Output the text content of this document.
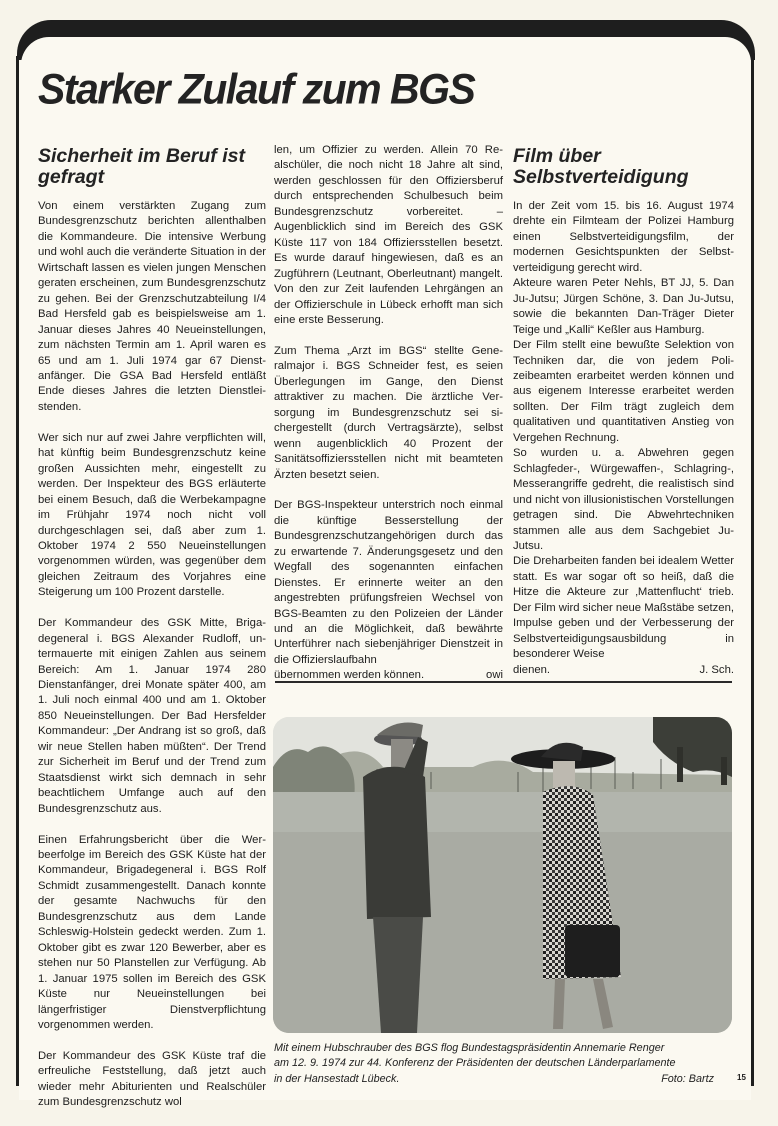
Starker Zulauf zum BGS
Sicherheit im Beruf ist gefragt

Von einem verstärkten Zugang zum Bundesgrenzschutz berichten allenthalben die Kommandeure. Die intensive Werbung und wohl auch die veränderte Situation in der Wirtschaft lassen es vielen jungen Menschen geraten erscheinen, zum Bundesgrenzschutz zu gehen. Bei der Grenzschutzabteilung I/4 Bad Hersfeld gab es beispielsweise am 1. Januar dieses Jahres 40 Neueinstellungen, zum nächsten Termin am 1. April waren es 65 und am 1. Juli 1974 gar 67 Dienstanfänger. Die GSA Bad Hersfeld entläßt Ende dieses Jahres die letzten Dienstleistenden.

Wer sich nur auf zwei Jahre verpflichten will, hat künftig beim Bundesgrenzschutz keine großen Aussichten mehr, eingestellt zu werden. Der Inspekteur des BGS erläuterte bei einem Besuch, daß die Werbekampagne im Frühjahr 1974 noch nicht voll durchgeschlagen sei, daß aber zum 1. Oktober 1974 2 550 Neueinstellungen vorgenommen würden, was gegenüber dem gleichen Zeitraum des Vorjahres eine Steigerung um 100 Prozent darstelle.

Der Kommandeur des GSK Mitte, Brigadegeneral i. BGS Alexander Rudloff, untermauerte mit einigen Zahlen aus seinem Bereich: Am 1. Januar 1974 280 Dienstanfänger, drei Monate später 400, am 1. Juli noch einmal 400 und am 1. Oktober 850 Neueinstellungen. Der Bad Hersfelder Kommandeur: „Der Andrang ist so groß, daß wir neue Stellen haben müßten“. Der Trend zur Sicherheit im Beruf und der Trend zum Staatsdienst wirkt sich demnach in sehr beachtlichem Umfange auch auf den Bundesgrenzschutz aus.

Einen Erfahrungsbericht über die Werbeerfolge im Bereich des GSK Küste hat der Kommandeur, Brigadegeneral i. BGS Rolf Schmidt zusammengestellt. Danach konnte der gesamte Nachwuchs für den Bundesgrenzschutz aus dem Lande Schleswig-Holstein gedeckt werden. Zum 1. Oktober gibt es zwar 120 Bewerber, aber es stehen nur 50 Planstellen zur Verfügung. Ab 1. Januar 1975 sollen im Bereich des GSK Küste nur Neueinstellungen bei längerfristiger Dienstverpflichtung vorgenommen werden.

Der Kommandeur des GSK Küste traf die erfreuliche Feststellung, daß jetzt auch wieder mehr Abiturienten und Realschüler zum Bundesgrenzschutz wol

len, um Offizier zu werden. Allein 70 Realschüler, die noch nicht 18 Jahre alt sind, werden geschlossen für den Offiziersberuf durch entsprechenden Schulbesuch beim Bundesgrenzschutz vorbereitet. – Augenblicklich sind im Bereich des GSK Küste 117 von 184 Offiziersstellen besetzt. Es wurde darauf hingewiesen, daß es an Zugführern (Leutnant, Oberleutnant) mangelt. Von den zur Zeit laufenden Lehrgängen an der Offizierschule in Lübeck erhofft man sich eine erste Besserung.

Zum Thema „Arzt im BGS“ stellte Generalmajor i. BGS Schneider fest, es seien Überlegungen im Gange, den Dienst attraktiver zu machen. Die ärztliche Versorgung im Bundesgrenzschutz sei sichergestellt (durch Vertragsärzte), selbst wenn augenblicklich 40 Prozent der Sanitätsoffiziersstellen nicht mit beamteten Ärzten besetzt seien.

Der BGS-Inspekteur unterstrich noch einmal die künftige Besserstellung der Bundesgrenzschutzangehörigen durch das zu erwartende 7. Änderungsgesetz und den Wegfall des sogenannten einfachen Dienstes. Er erinnerte weiter an den angestrebten prüfungsfreien Wechsel von BGS-Beamten zu den Polizeien der Länder und an die Möglichkeit, daß bewährte Unterführer nach siebenjähriger Dienstzeit in die Offizierslaufbahn

übernommen werden können.	owi
Film über Selbstverteidigung

In der Zeit vom 15. bis 16. August 1974 drehte ein Filmteam der Polizei Hamburg einen Selbstverteidigungsfilm, der modernen Gesichtspunkten der Selbstverteidigung gerecht wird.

Akteure waren Peter Nehls, BT JJ, 5. Dan Ju-Jutsu; Jürgen Schöne, 3. Dan Ju-Jutsu, sowie die bekannten Dan-Träger Dieter Teige und „Kalli“ Keßler aus Hamburg.

Der Film stellt eine bewußte Selektion von Techniken dar, die von jedem Polizeibeamten erarbeitet werden können und aus eigenem Interesse erarbeitet werden sollten. Der Film trägt zugleich dem qualitativen und quantitativen Anstieg von Vergehen Rechnung.

So wurden u. a. Abwehren gegen Schlagfeder-, Würgewaffen-, Schlagring-, Messerangriffe gedreht, die realistisch sind und nicht von illusionistischen Vorstellungen getragen sind. Die Abwehrtechniken stammen alle aus dem Sachgebiet Ju-Jutsu.

Die Dreharbeiten fanden bei idealem Wetter statt. Es war sogar oft so heiß, daß die Hitze die Akteure zur ‚Mattenflucht‘ trieb. Der Film wird sicher neue Maßstäbe setzen, Impulse geben und der Verbesserung der Selbstverteidigungsausbildung in besonderer Weise

dienen.	J. Sch.
Mit einem Hubschrauber des BGS flog Bundestagspräsidentin Annemarie Renger
am 12. 9. 1974 zur 44. Konferenz der Präsidenten der deutschen Länderparlamente
in der Hansestadt Lübeck.	Foto: Bartz	15
